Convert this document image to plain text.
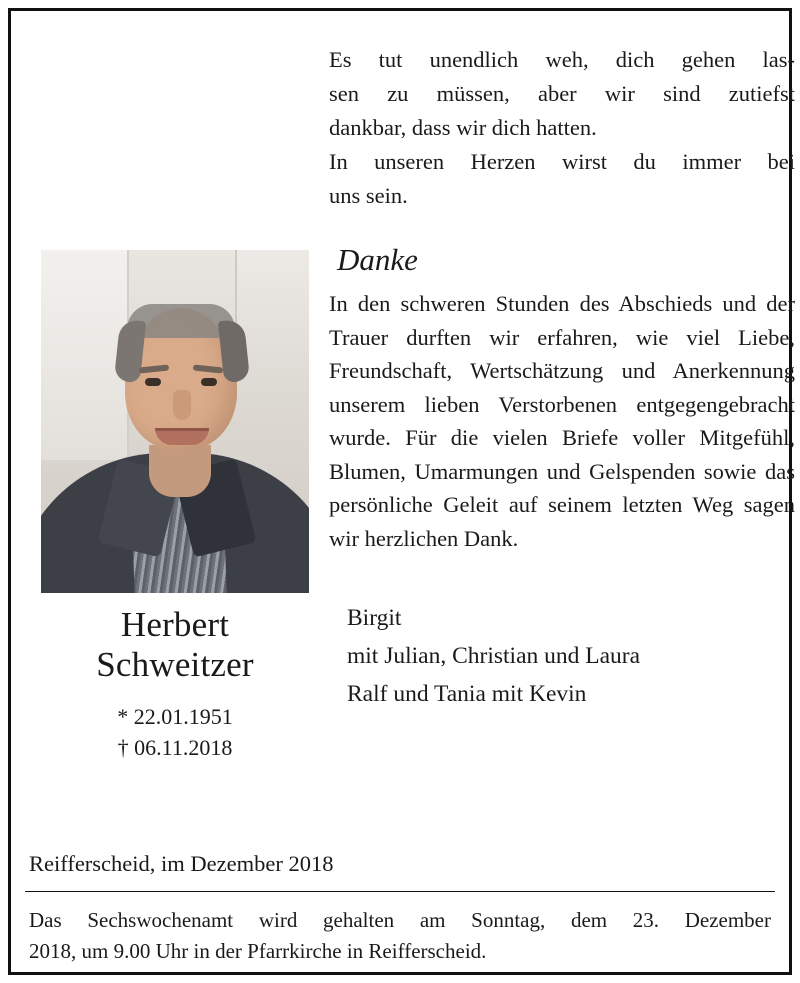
Herbert
Schweitzer
* 22.01.1951
† 06.11.2018
Es tut unendlich weh, dich gehen las-
sen zu müssen, aber wir sind zutiefst
dankbar, dass wir dich hatten.
In unseren Herzen wirst du immer bei
uns sein.
Danke
In den schweren Stunden des Abschieds und der Trauer durften wir erfahren, wie viel Liebe, Freundschaft, Wertschätzung und Anerkennung unserem lieben Verstorbenen entgegengebracht wurde. Für die vielen Briefe voller Mitgefühl, Blumen, Umarmungen und Gelspenden sowie das persönliche Geleit auf seinem letzten Weg sagen wir herzlichen Dank.
Birgit
mit Julian, Christian und Laura
Ralf und Tania mit Kevin
Reifferscheid, im Dezember 2018
Das Sechswochenamt wird gehalten am Sonntag, dem 23. Dezember
2018, um 9.00 Uhr in der Pfarrkirche in Reifferscheid.
